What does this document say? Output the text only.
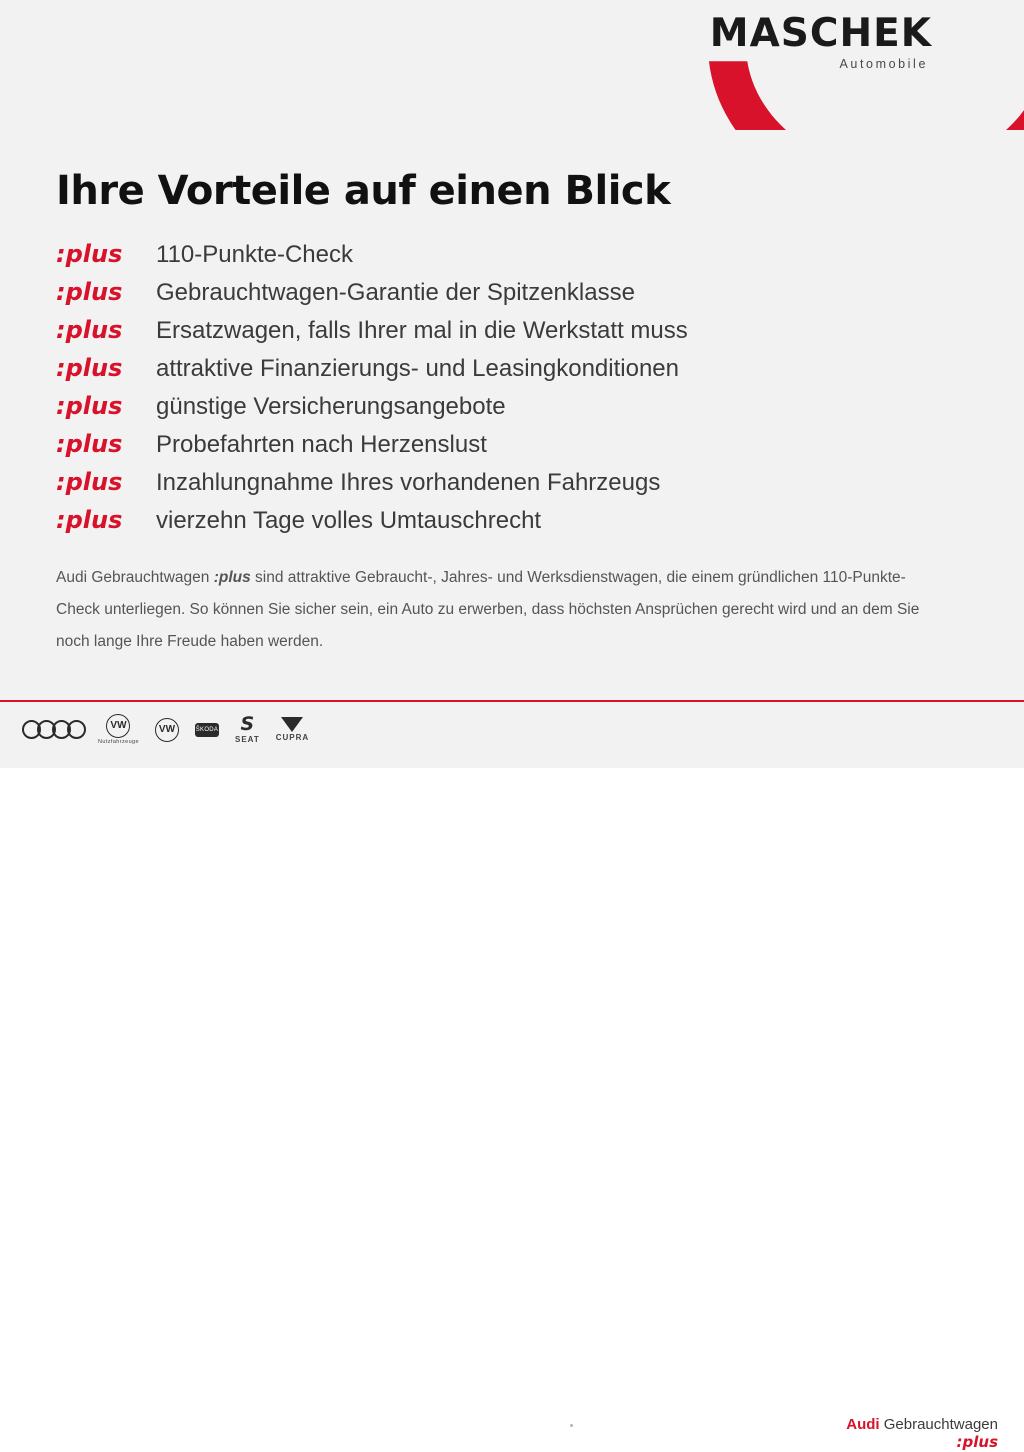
MASCHEK
Automobile
Ihre Vorteile auf einen Blick
:plus	110-Punkte-Check
:plus	Gebrauchtwagen-Garantie der Spitzenklasse
:plus	Ersatzwagen, falls Ihrer mal in die Werkstatt muss
:plus	attraktive Finanzierungs- und Leasingkonditionen
:plus	günstige Versicherungsangebote
:plus	Probefahrten nach Herzenslust
:plus	Inzahlungnahme Ihres vorhandenen Fahrzeugs
:plus	vierzehn Tage volles Umtauschrecht
Audi Gebrauchtwagen :plus sind attraktive Gebraucht-, Jahres- und Werksdienstwagen, die einem gründlichen 110-Punkte-Check unterliegen. So können Sie sicher sein, ein Auto zu erwerben, dass höchsten Ansprüchen gerecht wird und an dem Sie noch lange Ihre Freude haben werden.
VW
Nutzfahrzeuge
VW	ŠKODA S
SEAT CUPRA
Audi Gebrauchtwagen
:plus
